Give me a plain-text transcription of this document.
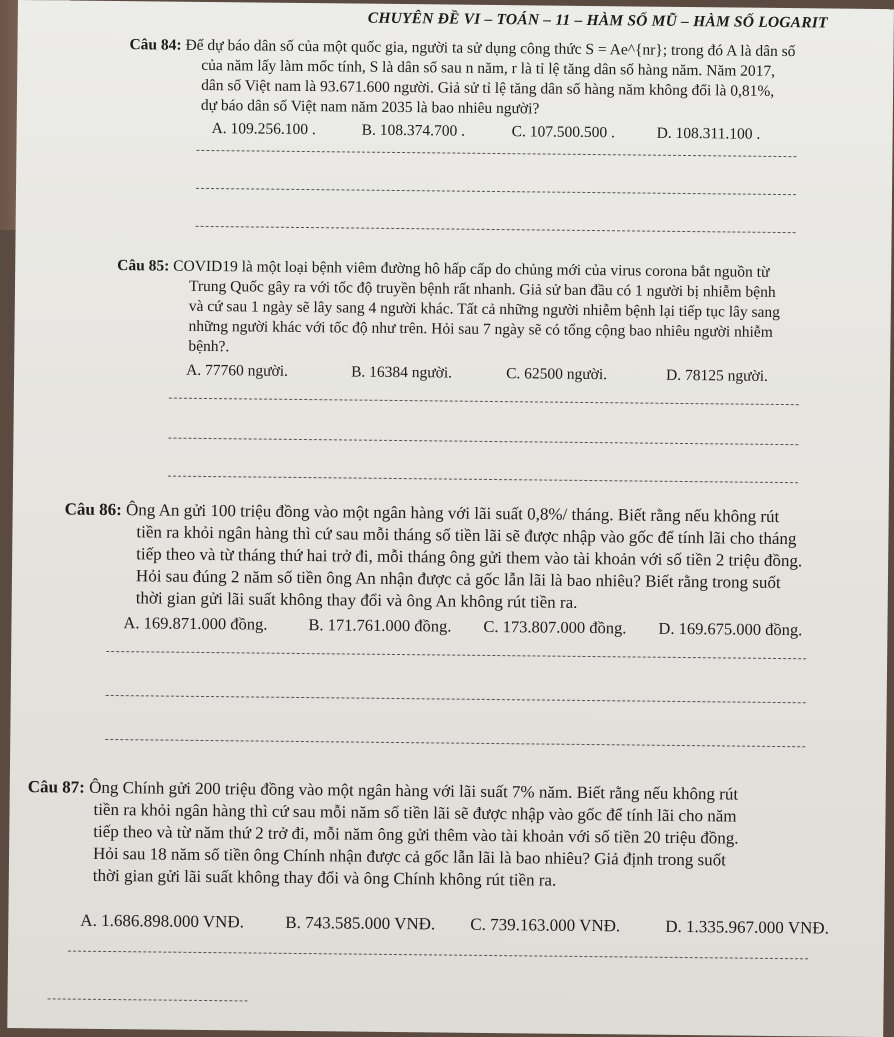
CHUYÊN ĐỀ VI – TOÁN – 11 – HÀM SỐ MŨ – HÀM SỐ LOGARIT

Câu 84: Để dự báo dân số của một quốc gia, người ta sử dụng công thức S = Ae^{nr}; trong đó A là dân số

của năm lấy làm mốc tính, S là dân số sau n năm, r là tỉ lệ tăng dân số hàng năm. Năm 2017,

dân số Việt nam là 93.671.600 người. Giả sử tỉ lệ tăng dân số hàng năm không đổi là 0,81%,

dự báo dân số Việt nam năm 2035 là bao nhiêu người?

A. 109.256.100 .	B. 108.374.700 .	C. 107.500.500 .	D. 108.311.100 .

Câu 85: COVID19 là một loại bệnh viêm đường hô hấp cấp do chủng mới của virus corona bắt nguồn từ

Trung Quốc gây ra với tốc độ truyền bệnh rất nhanh. Giả sử ban đầu có 1 người bị nhiễm bệnh

và cứ sau 1 ngày sẽ lây sang 4 người khác. Tất cả những người nhiễm bệnh lại tiếp tục lây sang

những người khác với tốc độ như trên. Hỏi sau 7 ngày sẽ có tổng cộng bao nhiêu người nhiễm

bệnh?.

A. 77760 người.	B. 16384 người.	C. 62500 người.	D. 78125 người.

Câu 86: Ông An gửi 100 triệu đồng vào một ngân hàng với lãi suất 0,8%/ tháng. Biết rằng nếu không rút

tiền ra khỏi ngân hàng thì cứ sau mỗi tháng số tiền lãi sẽ được nhập vào gốc để tính lãi cho tháng

tiếp theo và từ tháng thứ hai trở đi, mỗi tháng ông gửi them vào tài khoản với số tiền 2 triệu đồng.

Hỏi sau đúng 2 năm số tiền ông An nhận được cả gốc lẫn lãi là bao nhiêu? Biết rằng trong suốt

thời gian gửi lãi suất không thay đổi và ông An không rút tiền ra.

A. 169.871.000 đồng.	B. 171.761.000 đồng.	C. 173.807.000 đồng.	D. 169.675.000 đồng.

Câu 87: Ông Chính gửi 200 triệu đồng vào một ngân hàng với lãi suất 7% năm. Biết rằng nếu không rút

tiền ra khỏi ngân hàng thì cứ sau mỗi năm số tiền lãi sẽ được nhập vào gốc để tính lãi cho năm

tiếp theo và từ năm thứ 2 trở đi, mỗi năm ông gửi thêm vào tài khoản với số tiền 20 triệu đồng.

Hỏi sau 18 năm số tiền ông Chính nhận được cả gốc lẫn lãi là bao nhiêu? Giả định trong suốt

thời gian gửi lãi suất không thay đổi và ông Chính không rút tiền ra.

A. 1.686.898.000 VNĐ.	B. 743.585.000 VNĐ.	C. 739.163.000 VNĐ.	D. 1.335.967.000 VNĐ.
